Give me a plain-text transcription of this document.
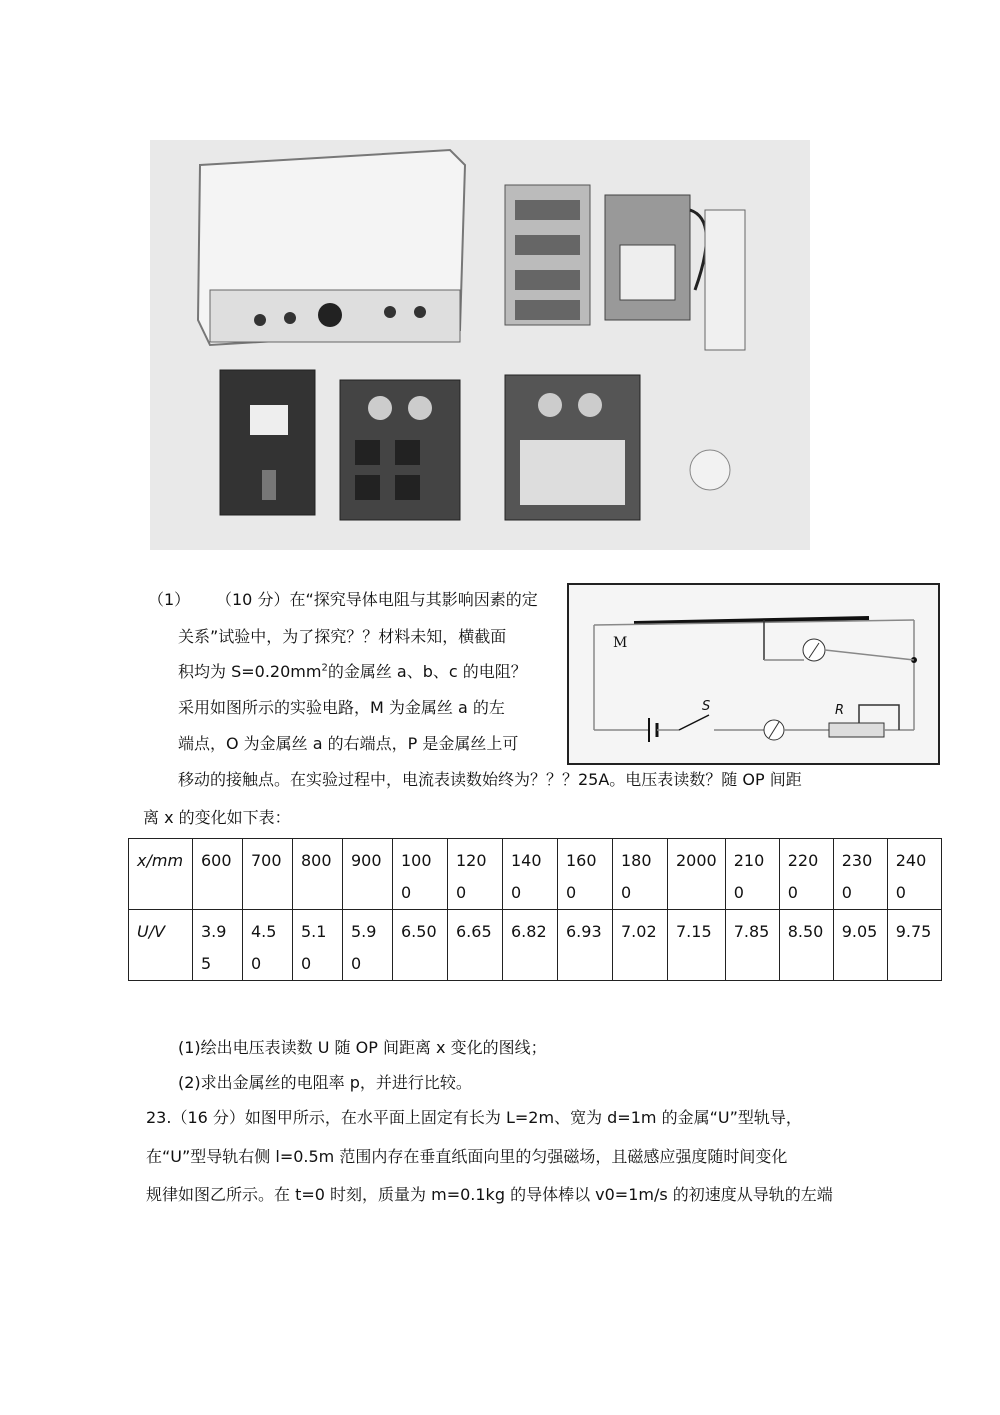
M
S	R
（1） （10 分）在“探究导体电阻与其影响因素的定
关系”试验中，为了探究？？材料未知，横截面
积均为 $S=0.20mm^2$的金属丝 a、b、c 的电阻？
采用如图所示的实验电路，M 为金属丝 a 的左
端点，O 为金属丝 a 的右端点，P 是金属丝上可
移动的接触点。在实验过程中，电流表读数始终为？？？25A。电压表读数？随 OP 间距
离 x 的变化如下表：
x/mm	600	700	800	900	1000	1200	1400	1600	1800	2000	2100	2200	2300	2400
U/V	3.95	4.50	5.10	5.90	6.50	6.65	6.82	6.93	7.02	7.15	7.85	8.50	9.05	9.75
(1)绘出电压表读数 U 随 OP 间距离 x 变化的图线；
(2)求出金属丝的电阻率 p，并进行比较。
23.（16 分）如图甲所示，在水平面上固定有长为 L=2m、宽为 d=1m 的金属“U”型轨导，
在“U”型导轨右侧 l=0.5m 范围内存在垂直纸面向里的匀强磁场，且磁感应强度随时间变化
规律如图乙所示。在 t=0 时刻，质量为 m=0.1kg 的导体棒以 v0=1m/s 的初速度从导轨的左端
